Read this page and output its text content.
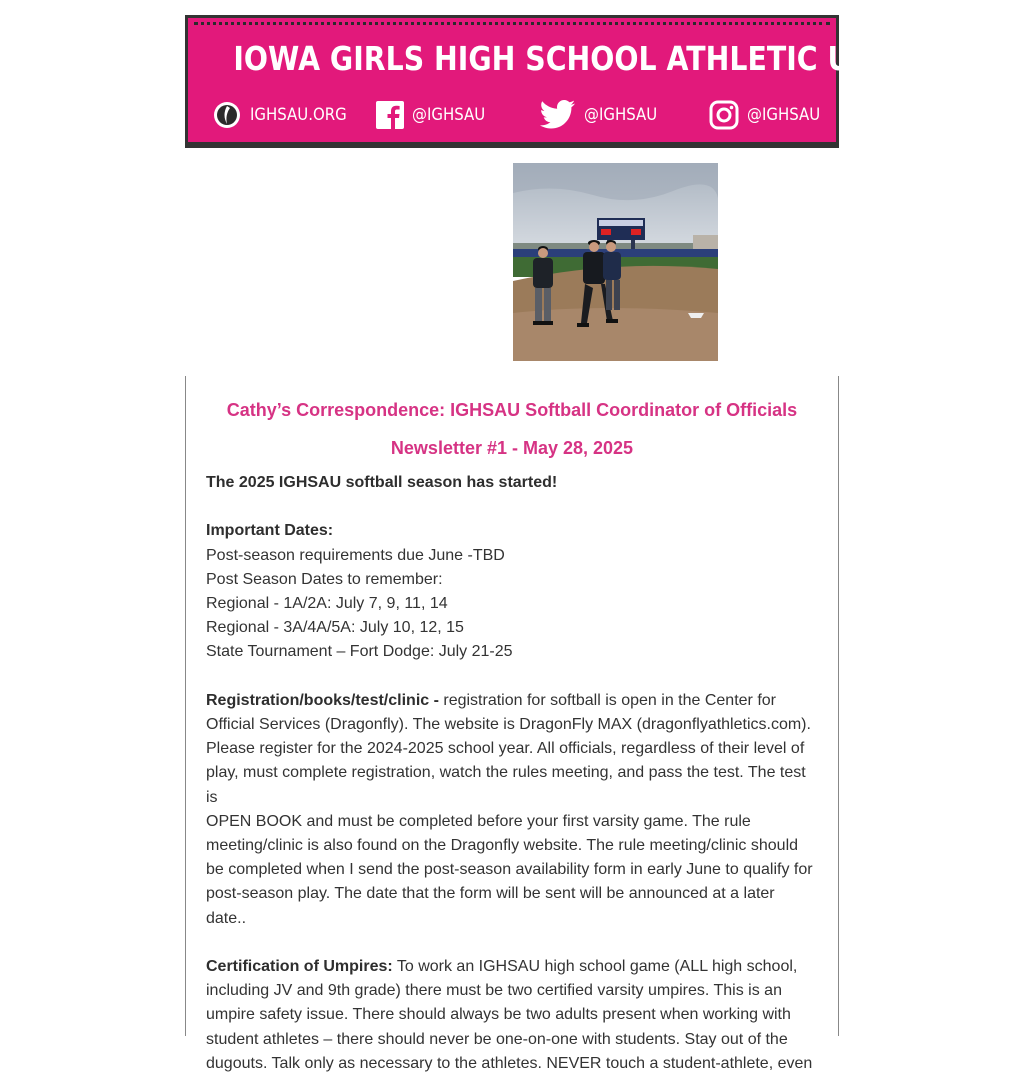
IOWA GIRLS HIGH SCHOOL ATHLETIC UNION
IGHSAU.ORG	@IGHSAU	@IGHSAU	@IGHSAU
Cathy’s Correspondence: IGHSAU Softball Coordinator of Officials
Newsletter #1 - May 28, 2025

The 2025 IGHSAU softball season has started!

Important Dates:

Post-season requirements due June -TBD

Post Season Dates to remember:

Regional - 1A/2A: July 7, 9, 11, 14

Regional - 3A/4A/5A: July 10, 12, 15

State Tournament – Fort Dodge: July 21-25

Registration/books/test/clinic - registration for softball is open in the Center for

Official Services (Dragonfly). The website is DragonFly MAX (dragonflyathletics.com).

Please register for the 2024-2025 school year. All officials, regardless of their level of

play, must complete registration, watch the rules meeting, and pass the test. The test is

OPEN BOOK and must be completed before your first varsity game. The rule

meeting/clinic is also found on the Dragonfly website. The rule meeting/clinic should

be completed when I send the post-season availability form in early June to qualify for

post-season play. The date that the form will be sent will be announced at a later date..

Certification of Umpires: To work an IGHSAU high school game (ALL high school,

including JV and 9th grade) there must be two certified varsity umpires. This is an

umpire safety issue. There should always be two adults present when working with

student athletes – there should never be one-on-one with students. Stay out of the

dugouts. Talk only as necessary to the athletes. NEVER touch a student-athlete, even
